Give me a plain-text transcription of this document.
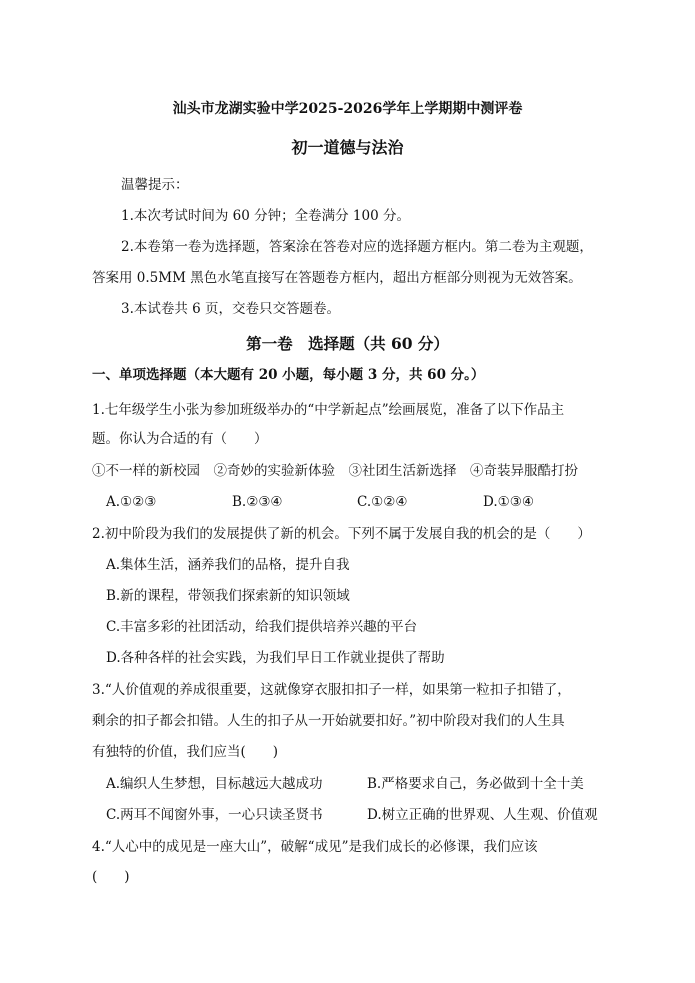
汕头市龙湖实验中学2025-2026学年上学期期中测评卷
初一道德与法治
温馨提示：
1.本次考试时间为 60 分钟；全卷满分 100 分。
2.本卷第一卷为选择题，答案涂在答卷对应的选择题方框内。第二卷为主观题，
答案用 0.5MM 黑色水笔直接写在答题卷方框内，超出方框部分则视为无效答案。
3.本试卷共 6 页，交卷只交答题卷。
第一卷　选择题（共 60 分）
一、单项选择题（本大题有 20 小题，每小题 3 分，共 60 分。）
1.七年级学生小张为参加班级举办的“中学新起点”绘画展览，准备了以下作品主
题。你认为合适的有（　　）
①不一样的新校园　②奇妙的实验新体验　③社团生活新选择　④奇装异服酷打扮
A.①②③	B.②③④	C.①②④	D.①③④
2.初中阶段为我们的发展提供了新的机会。下列不属于发展自我的机会的是（　　）
A.集体生活，涵养我们的品格，提升自我
B.新的课程，带领我们探索新的知识领域
C.丰富多彩的社团活动，给我们提供培养兴趣的平台
D.各种各样的社会实践，为我们早日工作就业提供了帮助
3.“人价值观的养成很重要，这就像穿衣服扣扣子一样，如果第一粒扣子扣错了，
剩余的扣子都会扣错。人生的扣子从一开始就要扣好。”初中阶段对我们的人生具
有独特的价值，我们应当(　　)
A.编织人生梦想，目标越远大越成功	B.严格要求自己，务必做到十全十美
C.两耳不闻窗外事，一心只读圣贤书	D.树立正确的世界观、人生观、价值观
4.“人心中的成见是一座大山”，破解“成见”是我们成长的必修课，我们应该
(　　)
